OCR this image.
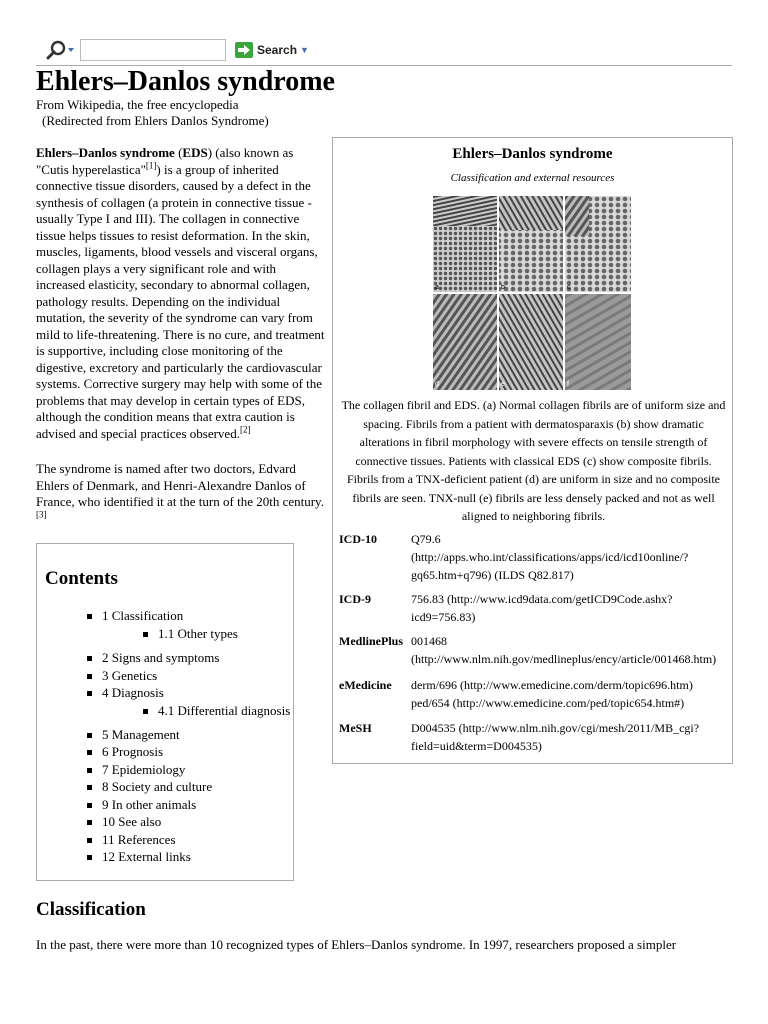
Search ▼
Ehlers–Danlos syndrome
From Wikipedia, the free encyclopedia
(Redirected from Ehlers Danlos Syndrome)

Ehlers–Danlos syndrome (EDS) (also known as "Cutis hyperelastica"[1]) is a group of inherited connective tissue disorders, caused by a defect in the synthesis of collagen (a protein in connective tissue - usually Type I and III). The collagen in connective tissue helps tissues to resist deformation. In the skin, muscles, ligaments, blood vessels and visceral organs, collagen plays a very significant role and with increased elasticity, secondary to abnormal collagen, pathology results. Depending on the individual mutation, the severity of the syndrome can vary from mild to life-threatening. There is no cure, and treatment is supportive, including close monitoring of the digestive, excretory and particularly the cardiovascular systems. Corrective surgery may help with some of the problems that may develop in certain types of EDS, although the condition means that extra caution is advised and special practices observed.[2]

The syndrome is named after two doctors, Edvard Ehlers of Denmark, and Henri-Alexandre Danlos of France, who identified it at the turn of the 20th century.[3]

Contents
1 Classification
1.1 Other types
2 Signs and symptoms
3 Genetics
4 Diagnosis
4.1 Differential diagnosis
5 Management
6 Prognosis
7 Epidemiology
8 Society and culture
9 In other animals
10 See also
11 References
12 External links
Ehlers–Danlos syndrome
Classification and external resources
a	b	c
d	e	f
The collagen fibril and EDS. (a) Normal collagen fibrils are of uniform size and spacing. Fibrils from a patient with dermatosparaxis (b) show dramatic alterations in fibril morphology with severe effects on tensile strength of connective tissues. Patients with classical EDS (c) show composite fibrils. Fibrils from a TNX-deficient patient (d) are uniform in size and no composite fibrils are seen. TNX-null (e) fibrils are less densely packed and not as well aligned to neighboring fibrils.
ICD-10	Q79.6
(http://apps.who.int/classifications/apps/icd/icd10online/?
gq65.htm+q796) (ILDS Q82.817)
ICD-9	756.83 (http://www.icd9data.com/getICD9Code.ashx?
icd9=756.83)
MedlinePlus 001468
(http://www.nlm.nih.gov/medlineplus/ency/article/001468.htm)
eMedicine derm/696 (http://www.emedicine.com/derm/topic696.htm)
ped/654 (http://www.emedicine.com/ped/topic654.htm#)
MeSH	D004535 (http://www.nlm.nih.gov/cgi/mesh/2011/MB_cgi?
field=uid&term=D004535)
Classification

In the past, there were more than 10 recognized types of Ehlers–Danlos syndrome. In 1997, researchers proposed a simpler
